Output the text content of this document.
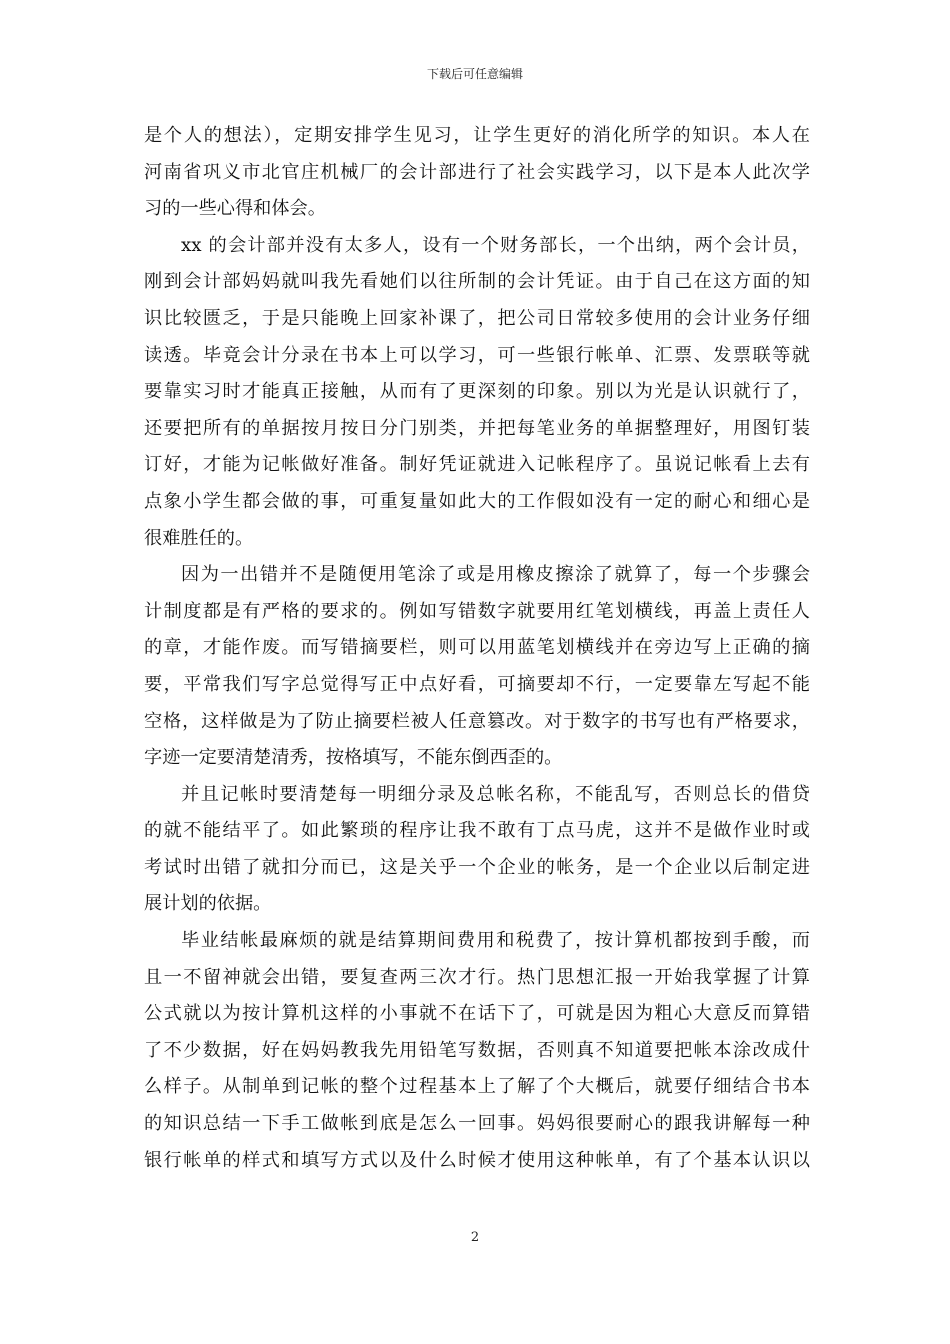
下载后可任意编辑
是个人的想法），定期安排学生见习，让学生更好的消化所学的知识。本人在
河南省巩义市北官庄机械厂的会计部进行了社会实践学习，以下是本人此次学
习的一些心得和体会。
xx 的会计部并没有太多人，设有一个财务部长，一个出纳，两个会计员，
刚到会计部妈妈就叫我先看她们以往所制的会计凭证。由于自己在这方面的知
识比较匮乏，于是只能晚上回家补课了，把公司日常较多使用的会计业务仔细
读透。毕竟会计分录在书本上可以学习，可一些银行帐单、汇票、发票联等就
要靠实习时才能真正接触，从而有了更深刻的印象。别以为光是认识就行了，
还要把所有的单据按月按日分门别类，并把每笔业务的单据整理好，用图钉装
订好，才能为记帐做好准备。制好凭证就进入记帐程序了。虽说记帐看上去有
点象小学生都会做的事，可重复量如此大的工作假如没有一定的耐心和细心是
很难胜任的。
因为一出错并不是随便用笔涂了或是用橡皮擦涂了就算了，每一个步骤会
计制度都是有严格的要求的。例如写错数字就要用红笔划横线，再盖上责任人
的章，才能作废。而写错摘要栏，则可以用蓝笔划横线并在旁边写上正确的摘
要，平常我们写字总觉得写正中点好看，可摘要却不行，一定要靠左写起不能
空格，这样做是为了防止摘要栏被人任意篡改。对于数字的书写也有严格要求，
字迹一定要清楚清秀，按格填写，不能东倒西歪的。
并且记帐时要清楚每一明细分录及总帐名称，不能乱写，否则总长的借贷
的就不能结平了。如此繁琐的程序让我不敢有丁点马虎，这并不是做作业时或
考试时出错了就扣分而已，这是关乎一个企业的帐务，是一个企业以后制定进
展计划的依据。
毕业结帐最麻烦的就是结算期间费用和税费了，按计算机都按到手酸，而
且一不留神就会出错，要复查两三次才行。热门思想汇报一开始我掌握了计算
公式就以为按计算机这样的小事就不在话下了，可就是因为粗心大意反而算错
了不少数据，好在妈妈教我先用铅笔写数据，否则真不知道要把帐本涂改成什
么样子。从制单到记帐的整个过程基本上了解了个大概后，就要仔细结合书本
的知识总结一下手工做帐到底是怎么一回事。妈妈很要耐心的跟我讲解每一种
银行帐单的样式和填写方式以及什么时候才使用这种帐单，有了个基本认识以
2
